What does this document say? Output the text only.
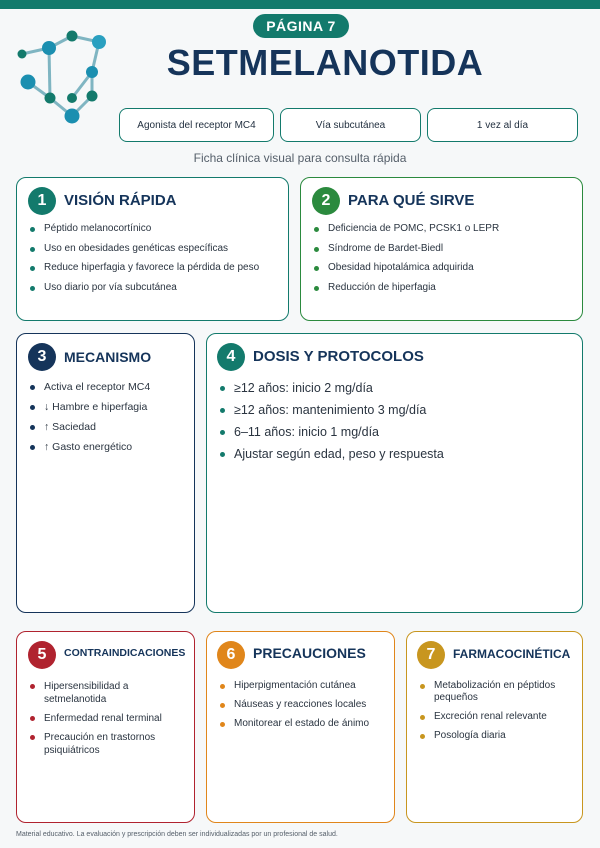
PÁGINA 7
SETMELANOTIDA
Agonista del receptor MC4	Vía subcutánea	1 vez al día
Ficha clínica visual para consulta rápida
1	VISIÓN RÁPIDA
Péptido melanocortínico
Uso en obesidades genéticas específicas
Reduce hiperfagia y favorece la pérdida de peso
Uso diario por vía subcutánea
2	PARA QUÉ SIRVE
Deficiencia de POMC, PCSK1 o LEPR
Síndrome de Bardet-Biedl
Obesidad hipotalámica adquirida
Reducción de hiperfagia
3	MECANISMO
Activa el receptor MC4
↓ Hambre e hiperfagia
↑ Saciedad
↑ Gasto energético
4	DOSIS Y PROTOCOLOS
≥12 años: inicio 2 mg/día
≥12 años: mantenimiento 3 mg/día
6–11 años: inicio 1 mg/día
Ajustar según edad, peso y respuesta
5	CONTRAINDICACIONES
Hipersensibilidad a setmelanotida
Enfermedad renal terminal
Precaución en trastornos psiquiátricos
6	PRECAUCIONES
Hiperpigmentación cutánea
Náuseas y reacciones locales
Monitorear el estado de ánimo
7	FARMACOCINÉTICA
Metabolización en péptidos pequeños
Excreción renal relevante
Posología diaria
Material educativo. La evaluación y prescripción deben ser individualizadas por un profesional de salud.
